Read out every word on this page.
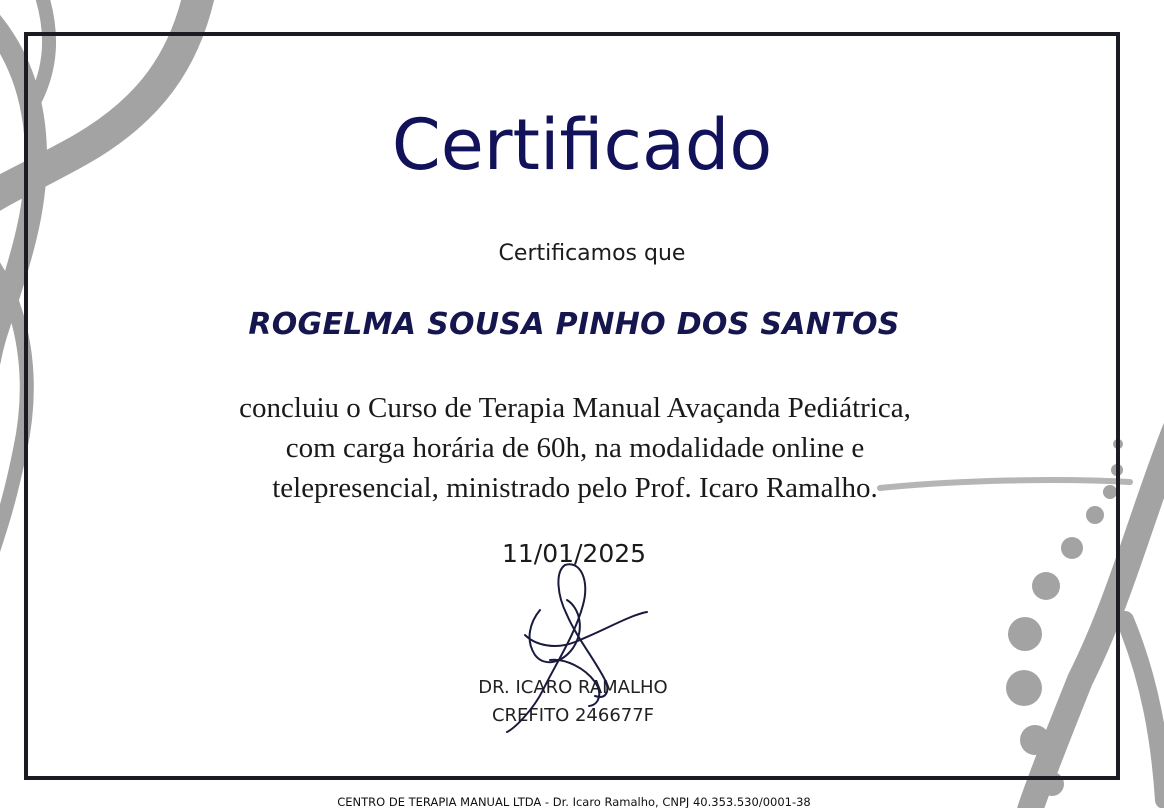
Certificado
Certificamos que
ROGELMA SOUSA PINHO DOS SANTOS
concluiu o Curso de Terapia Manual Avaçanda Pediátrica,
com carga horária de 60h, na modalidade online e
telepresencial, ministrado pelo Prof. Icaro Ramalho.
11/01/2025
DR. ICARO RAMALHO
CREFITO 246677F
CENTRO DE TERAPIA MANUAL LTDA - Dr. Icaro Ramalho, CNPJ 40.353.530/0001-38
